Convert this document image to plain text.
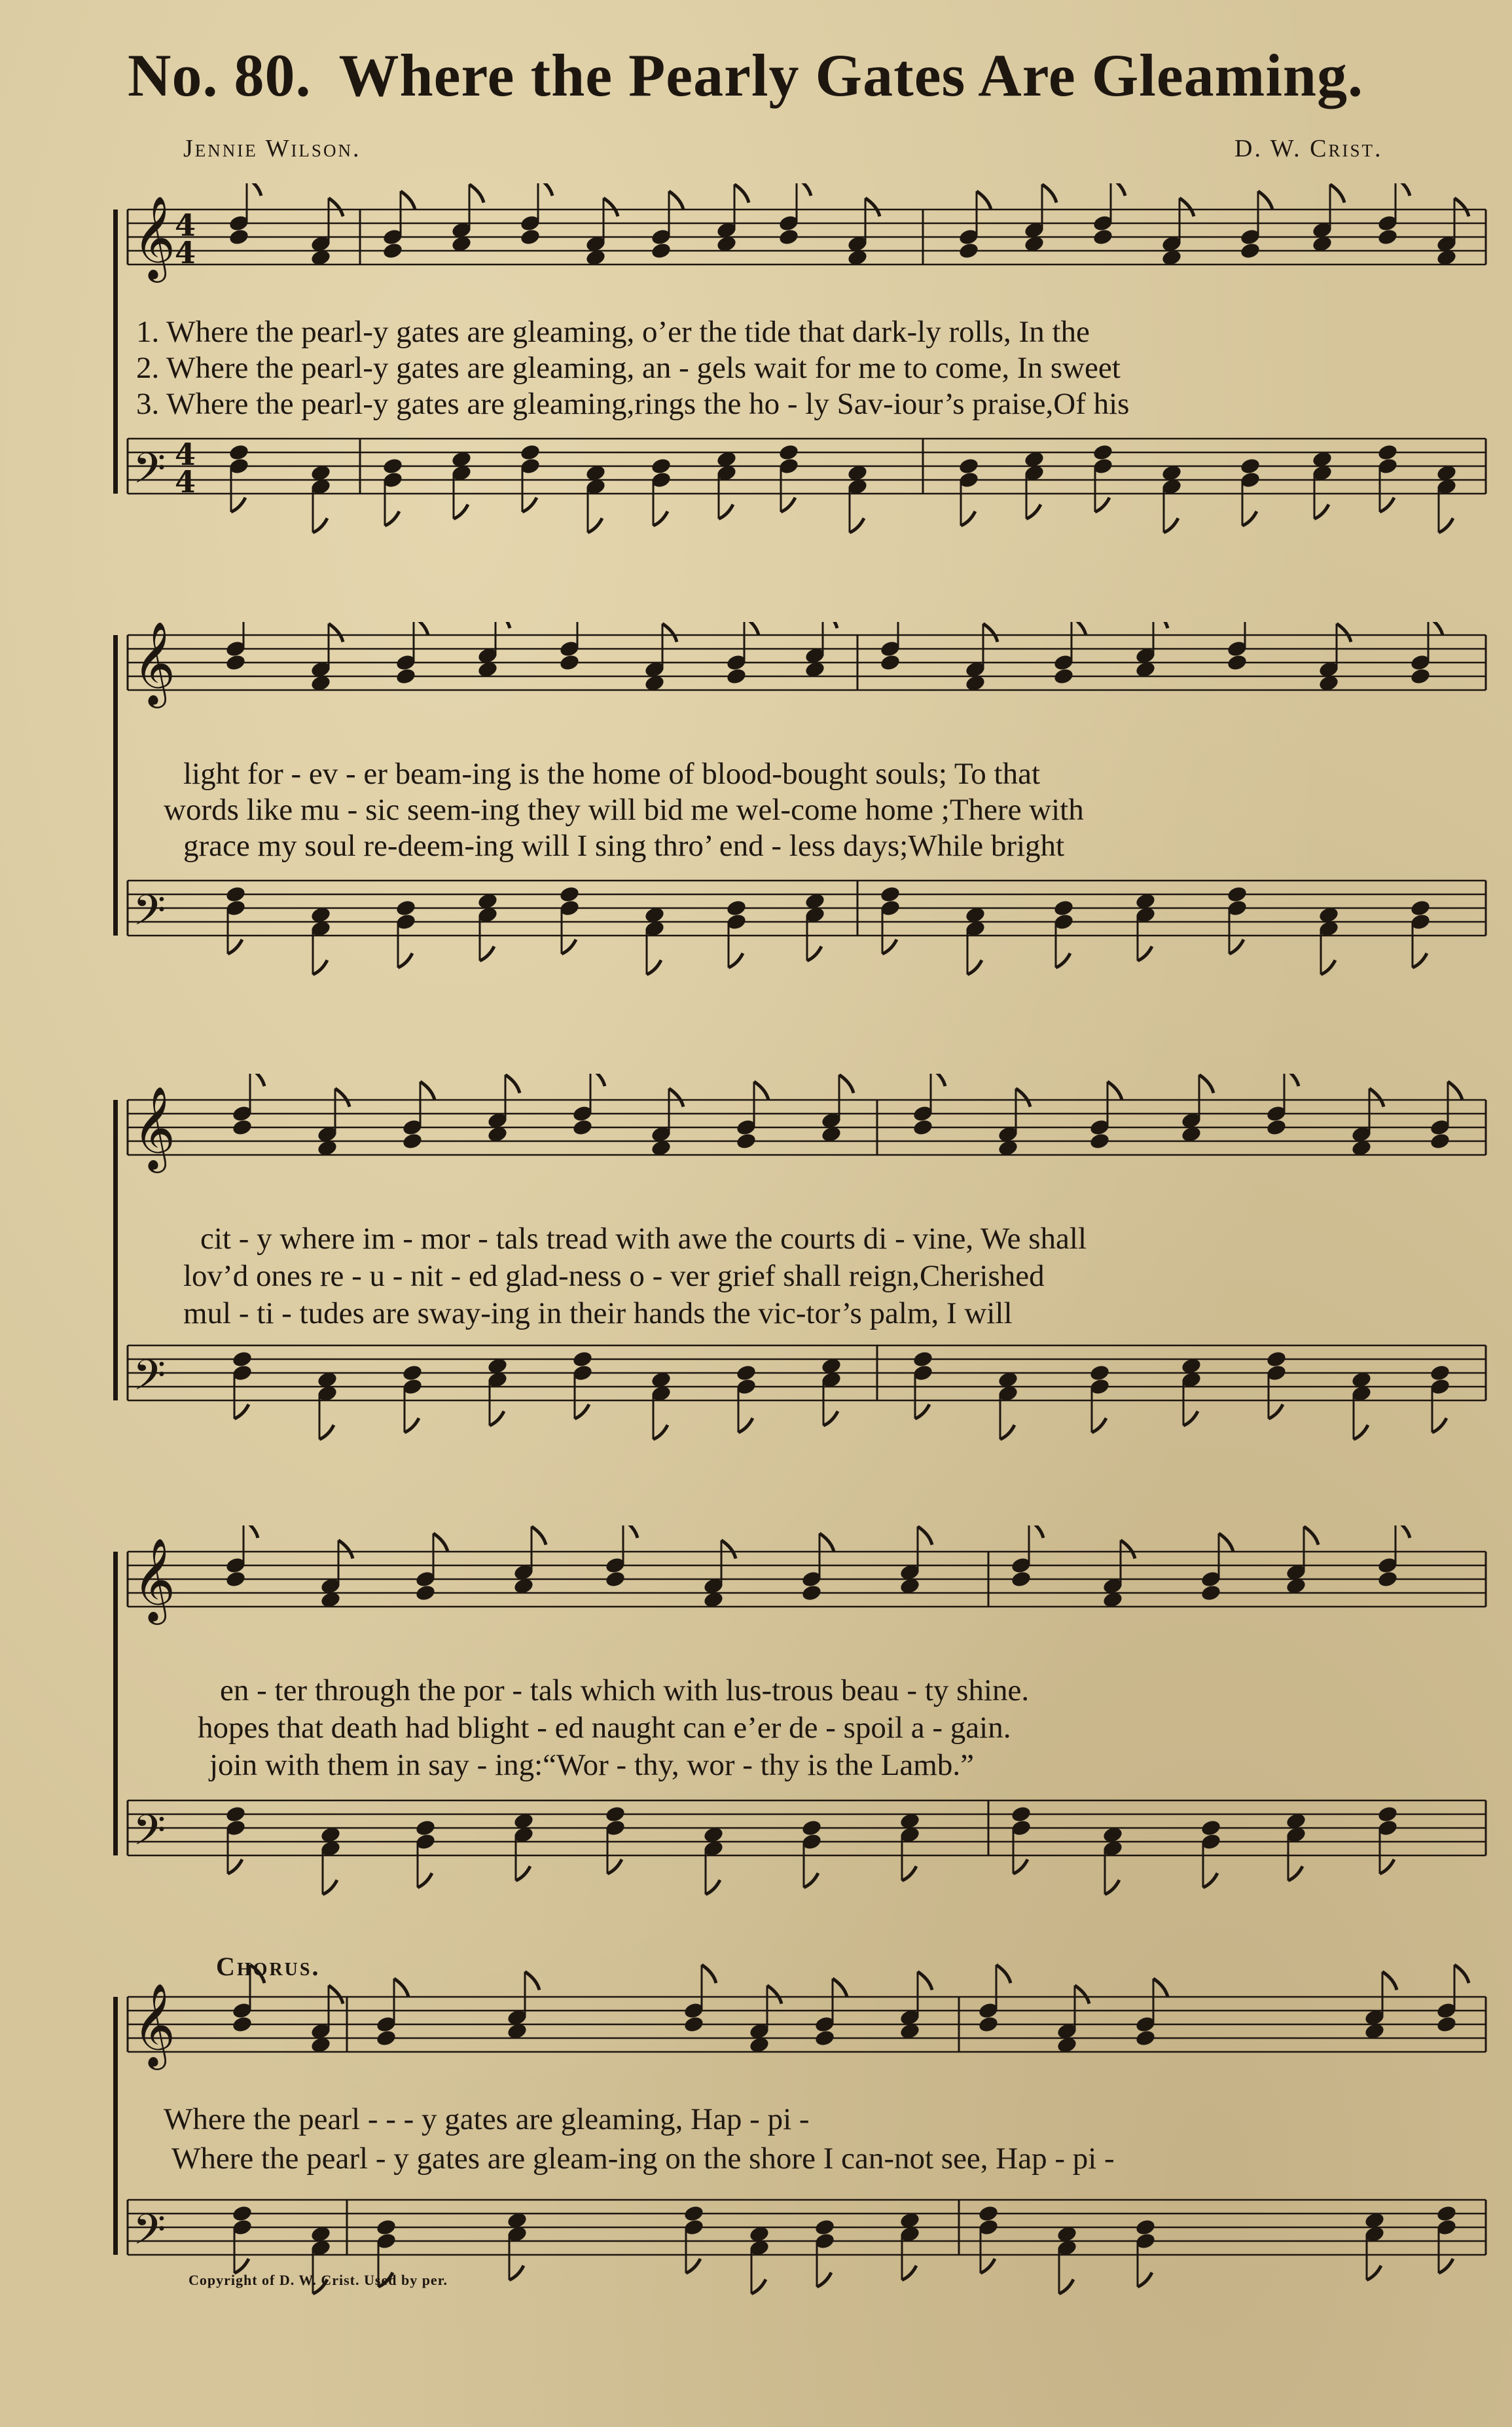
No. 80. Where the Pearly Gates Are Gleaming.
Jennie Wilson.	D. W. Crist.
𝄞
4
4
𝄢 4
4
1. Where the pearl-y gates are gleaming, o’er the tide that dark-ly rolls, In the
2. Where the pearl-y gates are gleaming, an - gels wait for me to come, In sweet
3. Where the pearl-y gates are gleaming,rings the ho - ly Sav-iour’s praise,Of his
𝄞
𝄢
light for - ev - er beam-ing is the home of blood-bought souls; To that
words like mu - sic seem-ing they will bid me wel-come home ;There with
grace my soul re-deem-ing will I sing thro’ end - less days;While bright
𝄞
𝄢
cit - y where im - mor - tals tread with awe the courts di - vine, We shall
lov’d ones re - u - nit - ed glad-ness o - ver grief shall reign,Cherished
mul - ti - tudes are sway-ing in their hands the vic-tor’s palm, I will
𝄞
𝄢
en - ter through the por - tals which with lus-trous beau - ty shine.
hopes that death had blight - ed naught can e’er de - spoil a - gain.
join with them in say - ing:“Wor - thy, wor - thy is the Lamb.”
𝄞
𝄢
Chorus.
Where the pearl - - - y gates are gleaming, Hap - pi -
Where the pearl - y gates are gleam-ing on the shore I can-not see, Hap - pi -
Copyright of D. W. Crist. Used by per.
